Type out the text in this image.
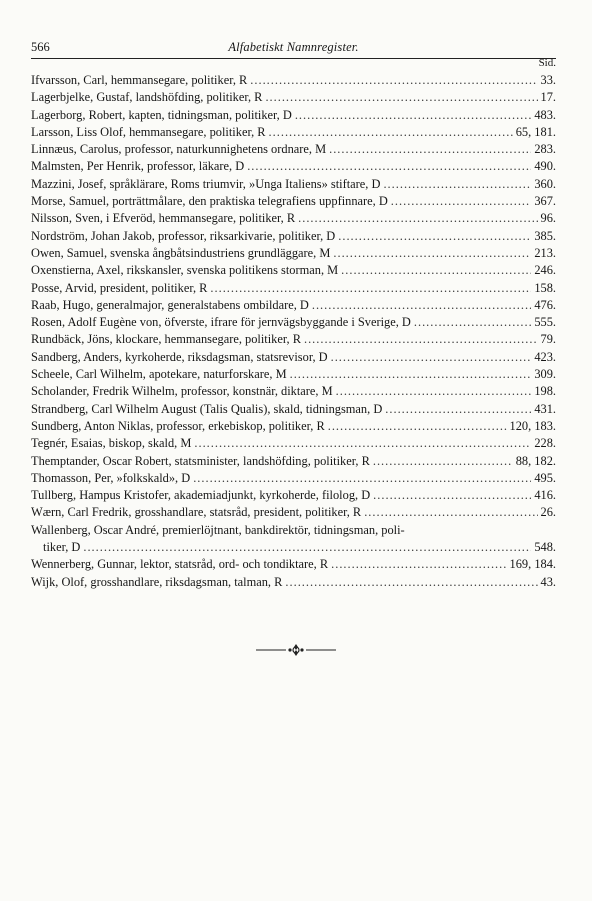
566	Alfabetiskt Namnregister.
Sid.
Ifvarsson, Carl, hemmansegare, politiker, R .....	33.
Lagerbjelke, Gustaf, landshöfding, politiker, R .....	17.
Lagerborg, Robert, kapten, tidningsman, politiker, D .....	483.
Larsson, Liss Olof, hemmansegare, politiker, R .....	65, 181.
Linnæus, Carolus, professor, naturkunnighetens ordnare, M .....	283.
Malmsten, Per Henrik, professor, läkare, D .....	490.
Mazzini, Josef, språklärare, Roms triumvir, »Unga Italiens» stiftare, D .....	360.
Morse, Samuel, porträttmålare, den praktiska telegrafiens uppfinnare, D .....	367.
Nilsson, Sven, i Efveröd, hemmansegare, politiker, R .....	96.
Nordström, Johan Jakob, professor, riksarkivarie, politiker, D .....	385.
Owen, Samuel, svenska ångbåtsindustriens grundläggare, M .....	213.
Oxenstierna, Axel, rikskansler, svenska politikens storman, M .....	246.
Posse, Arvid, president, politiker, R .....	158.
Raab, Hugo, generalmajor, generalstabens ombildare, D .....	476.
Rosen, Adolf Eugène von, öfverste, ifrare för jernvägsbyggande i Sverige, D .....	555.
Rundbäck, Jöns, klockare, hemmansegare, politiker, R .....	79.
Sandberg, Anders, kyrkoherde, riksdagsman, statsrevisor, D .....	423.
Scheele, Carl Wilhelm, apotekare, naturforskare, M .....	309.
Scholander, Fredrik Wilhelm, professor, konstnär, diktare, M .....	198.
Strandberg, Carl Wilhelm August (Talis Qualis), skald, tidningsman, D .....	431.
Sundberg, Anton Niklas, professor, erkebiskop, politiker, R .....	120, 183.
Tegnér, Esaias, biskop, skald, M .....	228.
Themptander, Oscar Robert, statsminister, landshöfding, politiker, R .....	88, 182.
Thomasson, Per, »folkskald», D .....	495.
Tullberg, Hampus Kristofer, akademiadjunkt, kyrkoherde, filolog, D .....	416.
Wærn, Carl Fredrik, grosshandlare, statsråd, president, politiker, R .....	26.
Wallenberg, Oscar André, premierlöjtnant, bankdirektör, tidningsman, poli-
tiker, D .....	548.
Wennerberg, Gunnar, lektor, statsråd, ord- och tondiktare, R .....	169, 184.
Wijk, Olof, grosshandlare, riksdagsman, talman, R .....	43.
